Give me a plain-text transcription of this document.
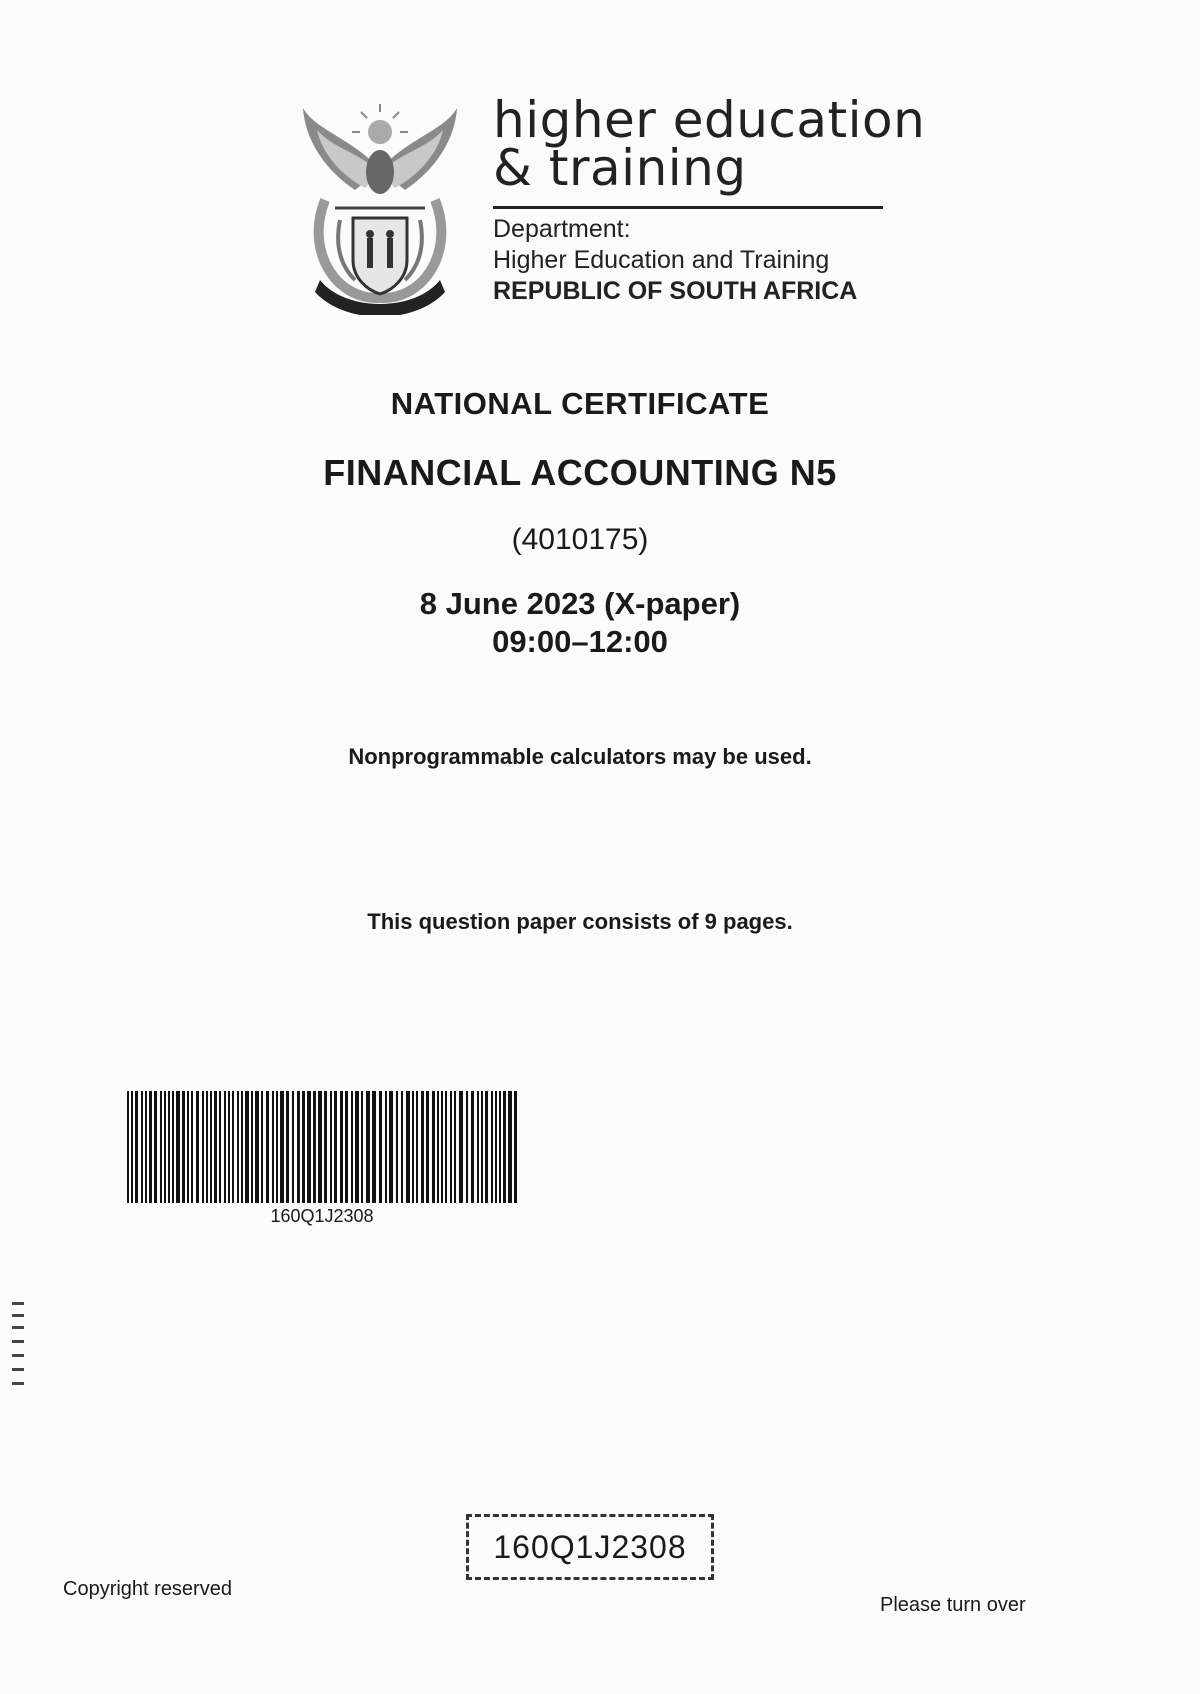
higher education
& training
Department:
Higher Education and Training
REPUBLIC OF SOUTH AFRICA
NATIONAL CERTIFICATE
FINANCIAL ACCOUNTING N5
(4010175)
8 June 2023 (X-paper)
09:00–12:00
Nonprogrammable calculators may be used.
This question paper consists of 9 pages.
160Q1J2308
160Q1J2308
Copyright reserved
Please turn over
